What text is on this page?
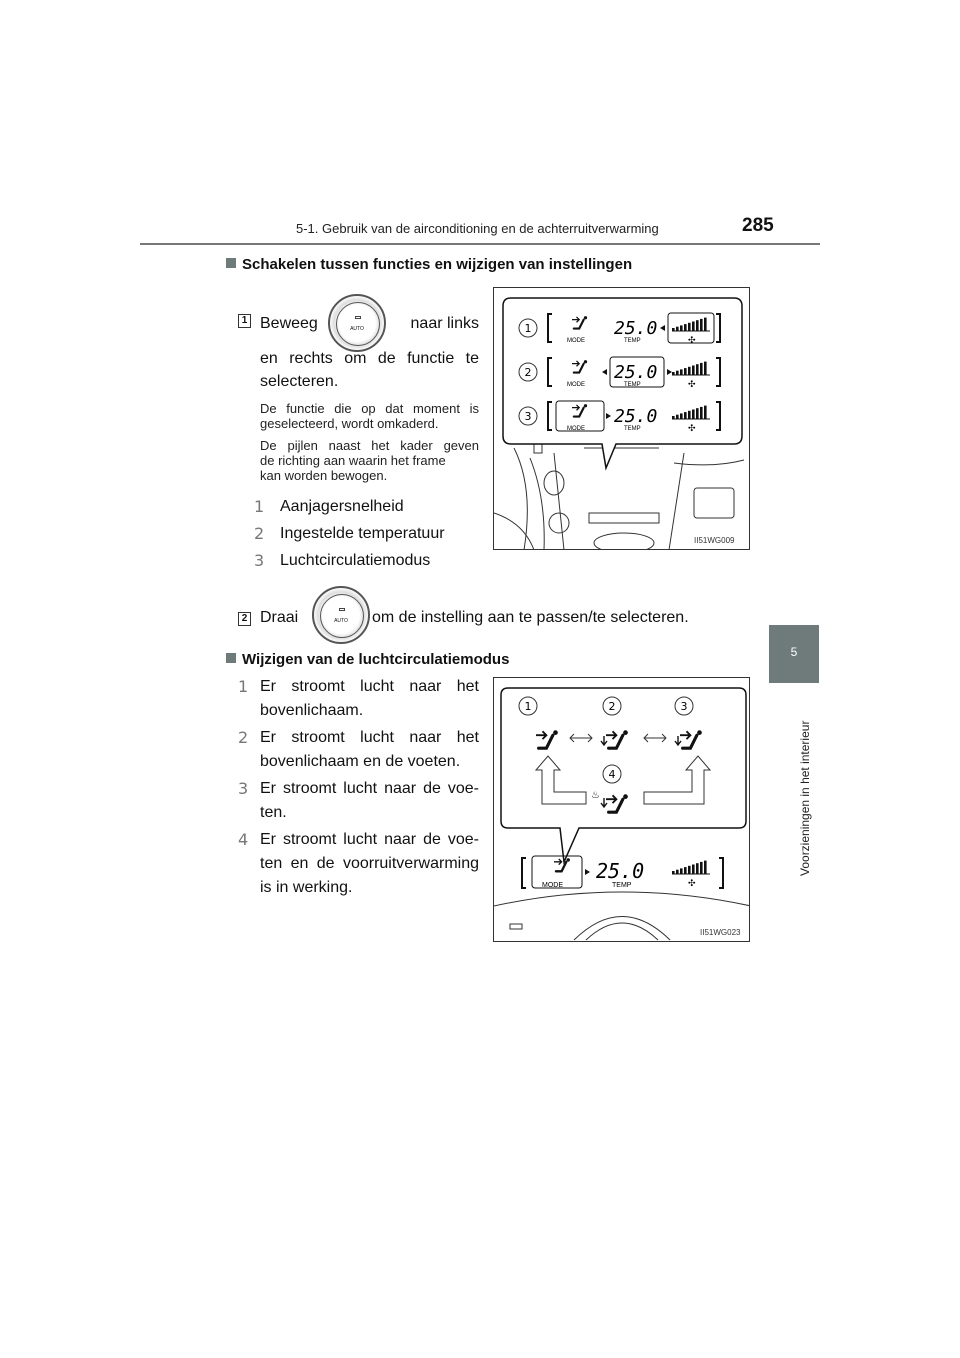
5-1. Gebruik van de airconditioning en de achterruitverwarming	285
5
Voorzieningen in het interieur
Schakelen tussen functies en wijzigen van instellingen
1 Beweeg	AUTO	naar links
en rechts om de functie te
selecteren.
De functie die op dat moment is
geselecteerd, wordt omkaderd.
De pijlen naast het kader geven
de richting aan waarin het frame
kan worden bewogen.
1 Aanjagersnelheid
2 Ingestelde temperatuur
3 Luchtcirculatiemodus
2 Draai	AUTO	om de instelling aan te passen/te selecteren.
1
MODE
25.0
TEMP	✣
2
MODE
25.0
TEMP	✣
3
MODE
25.0
TEMP	✣
II51WG009
Wijzigen van de luchtcirculatiemodus
1 Er stroomt lucht naar het
bovenlichaam.
2 Er stroomt lucht naar het
bovenlichaam en de voeten.
3 Er stroomt lucht naar de voe-
ten.
4 Er stroomt lucht naar de voe-
ten en de voorruitverwarming
is in werking.
1	2	3
4
♨
MODE
25.0
TEMP	✣
II51WG023
